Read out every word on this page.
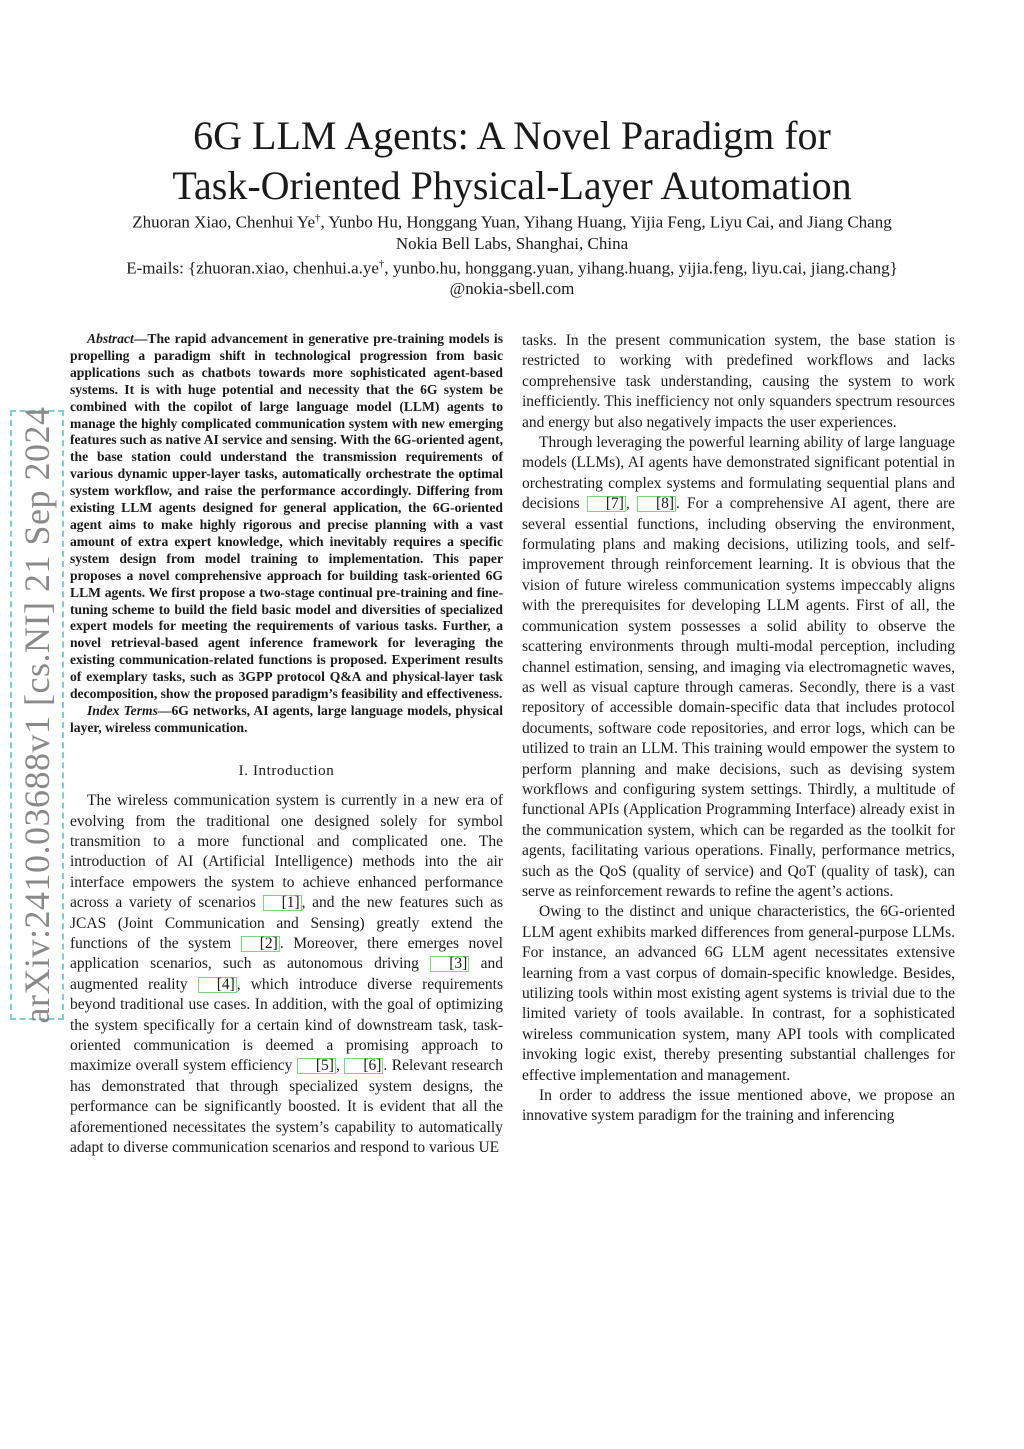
6G LLM Agents: A Novel Paradigm for
Task-Oriented Physical-Layer Automation
Zhuoran Xiao, Chenhui Ye†, Yunbo Hu, Honggang Yuan, Yihang Huang, Yijia Feng, Liyu Cai, and Jiang Chang
Nokia Bell Labs, Shanghai, China
E-mails: {zhuoran.xiao, chenhui.a.ye†, yunbo.hu, honggang.yuan, yihang.huang, yijia.feng, liyu.cai, jiang.chang}
@nokia-sbell.com
arXiv:2410.03688v1 [cs.NI] 21 Sep 2024

Abstract—The rapid advancement in generative pre-training models is propelling a paradigm shift in technological progression from basic applications such as chatbots towards more sophisticated agent-based systems. It is with huge potential and necessity that the 6G system be combined with the copilot of large language model (LLM) agents to manage the highly complicated communication system with new emerging features such as native AI service and sensing. With the 6G-oriented agent, the base station could understand the transmission requirements of various dynamic upper-layer tasks, automatically orchestrate the optimal system workflow, and raise the performance accordingly. Differing from existing LLM agents designed for general application, the 6G-oriented agent aims to make highly rigorous and precise planning with a vast amount of extra expert knowledge, which inevitably requires a specific system design from model training to implementation. This paper proposes a novel comprehensive approach for building task-oriented 6G LLM agents. We first propose a two-stage continual pre-training and fine-tuning scheme to build the field basic model and diversities of specialized expert models for meeting the requirements of various tasks. Further, a novel retrieval-based agent inference framework for leveraging the existing communication-related functions is proposed. Experiment results of exemplary tasks, such as 3GPP protocol Q&A and physical-layer task decomposition, show the proposed paradigm’s feasibility and effectiveness.

Index Terms—6G networks, AI agents, large language models, physical layer, wireless communication.

I. Introduction

The wireless communication system is currently in a new era of evolving from the traditional one designed solely for symbol transmition to a more functional and complicated one. The introduction of AI (Artificial Intelligence) methods into the air interface empowers the system to achieve enhanced performance across a variety of scenarios [1] , and the new features such as JCAS (Joint Communication and Sensing) greatly extend the functions of the system [2] . Moreover, there emerges novel application scenarios, such as autonomous driving [3] and augmented reality [4] , which introduce diverse requirements beyond traditional use cases. In addition, with the goal of optimizing the system specifically for a certain kind of downstream task, task-oriented communication is deemed a promising approach to maximize overall system efficiency [5] , [6] . Relevant research has demonstrated that through specialized system designs, the performance can be significantly boosted. It is evident that all the aforementioned necessitates the system’s capability to automatically adapt to diverse communication scenarios and respond to various UE

tasks. In the present communication system, the base station is restricted to working with predefined workflows and lacks comprehensive task understanding, causing the system to work inefficiently. This inefficiency not only squanders spectrum resources and energy but also negatively impacts the user experiences.

Through leveraging the powerful learning ability of large language models (LLMs), AI agents have demonstrated significant potential in orchestrating complex systems and formulating sequential plans and decisions [7] , [8] . For a comprehensive AI agent, there are several essential functions, including observing the environment, formulating plans and making decisions, utilizing tools, and self-improvement through reinforcement learning. It is obvious that the vision of future wireless communication systems impeccably aligns with the prerequisites for developing LLM agents. First of all, the communication system possesses a solid ability to observe the scattering environments through multi-modal perception, including channel estimation, sensing, and imaging via electromagnetic waves, as well as visual capture through cameras. Secondly, there is a vast repository of accessible domain-specific data that includes protocol documents, software code repositories, and error logs, which can be utilized to train an LLM. This training would empower the system to perform planning and make decisions, such as devising system workflows and configuring system settings. Thirdly, a multitude of functional APIs (Application Programming Interface) already exist in the communication system, which can be regarded as the toolkit for agents, facilitating various operations. Finally, performance metrics, such as the QoS (quality of service) and QoT (quality of task), can serve as reinforcement rewards to refine the agent’s actions.

Owing to the distinct and unique characteristics, the 6G-oriented LLM agent exhibits marked differences from general-purpose LLMs. For instance, an advanced 6G LLM agent necessitates extensive learning from a vast corpus of domain-specific knowledge. Besides, utilizing tools within most existing agent systems is trivial due to the limited variety of tools available. In contrast, for a sophisticated wireless communication system, many API tools with complicated invoking logic exist, thereby presenting substantial challenges for effective implementation and management.

In order to address the issue mentioned above, we propose an innovative system paradigm for the training and inferencing
